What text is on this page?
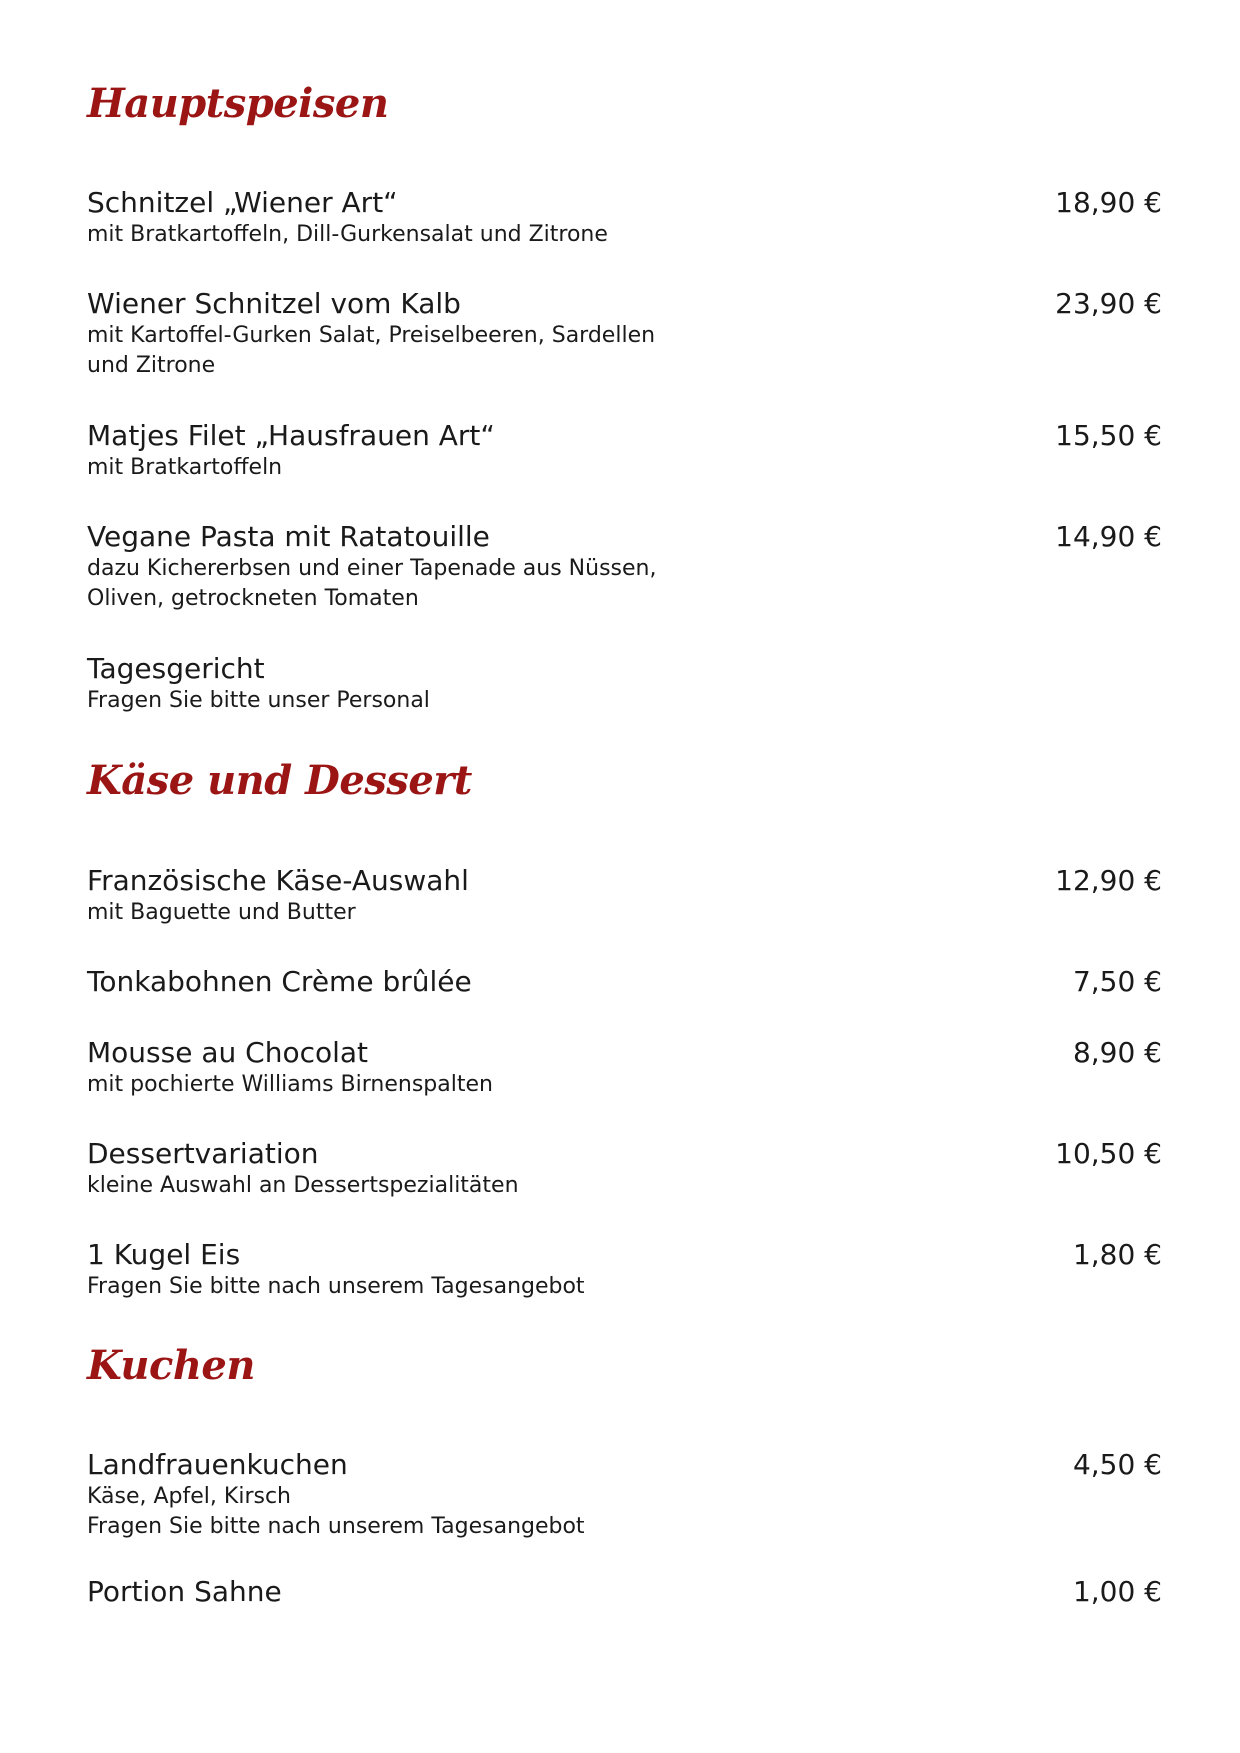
Hauptspeisen
Schnitzel „Wiener Art“	18,90 €
mit Bratkartoffeln, Dill-Gurkensalat und Zitrone
Wiener Schnitzel vom Kalb	23,90 €
mit Kartoffel-Gurken Salat, Preiselbeeren, Sardellen
und Zitrone
Matjes Filet „Hausfrauen Art“	15,50 €
mit Bratkartoffeln
Vegane Pasta mit Ratatouille	14,90 €
dazu Kichererbsen und einer Tapenade aus Nüssen,
Oliven, getrockneten Tomaten
Tagesgericht
Fragen Sie bitte unser Personal
Käse und Dessert
Französische Käse-Auswahl	12,90 €
mit Baguette und Butter
Tonkabohnen Crème brûlée	7,50 €
Mousse au Chocolat	8,90 €
mit pochierte Williams Birnenspalten
Dessertvariation	10,50 €
kleine Auswahl an Dessertspezialitäten
1 Kugel Eis	1,80 €
Fragen Sie bitte nach unserem Tagesangebot
Kuchen
Landfrauenkuchen	4,50 €
Käse, Apfel, Kirsch
Fragen Sie bitte nach unserem Tagesangebot
Portion Sahne	1,00 €
